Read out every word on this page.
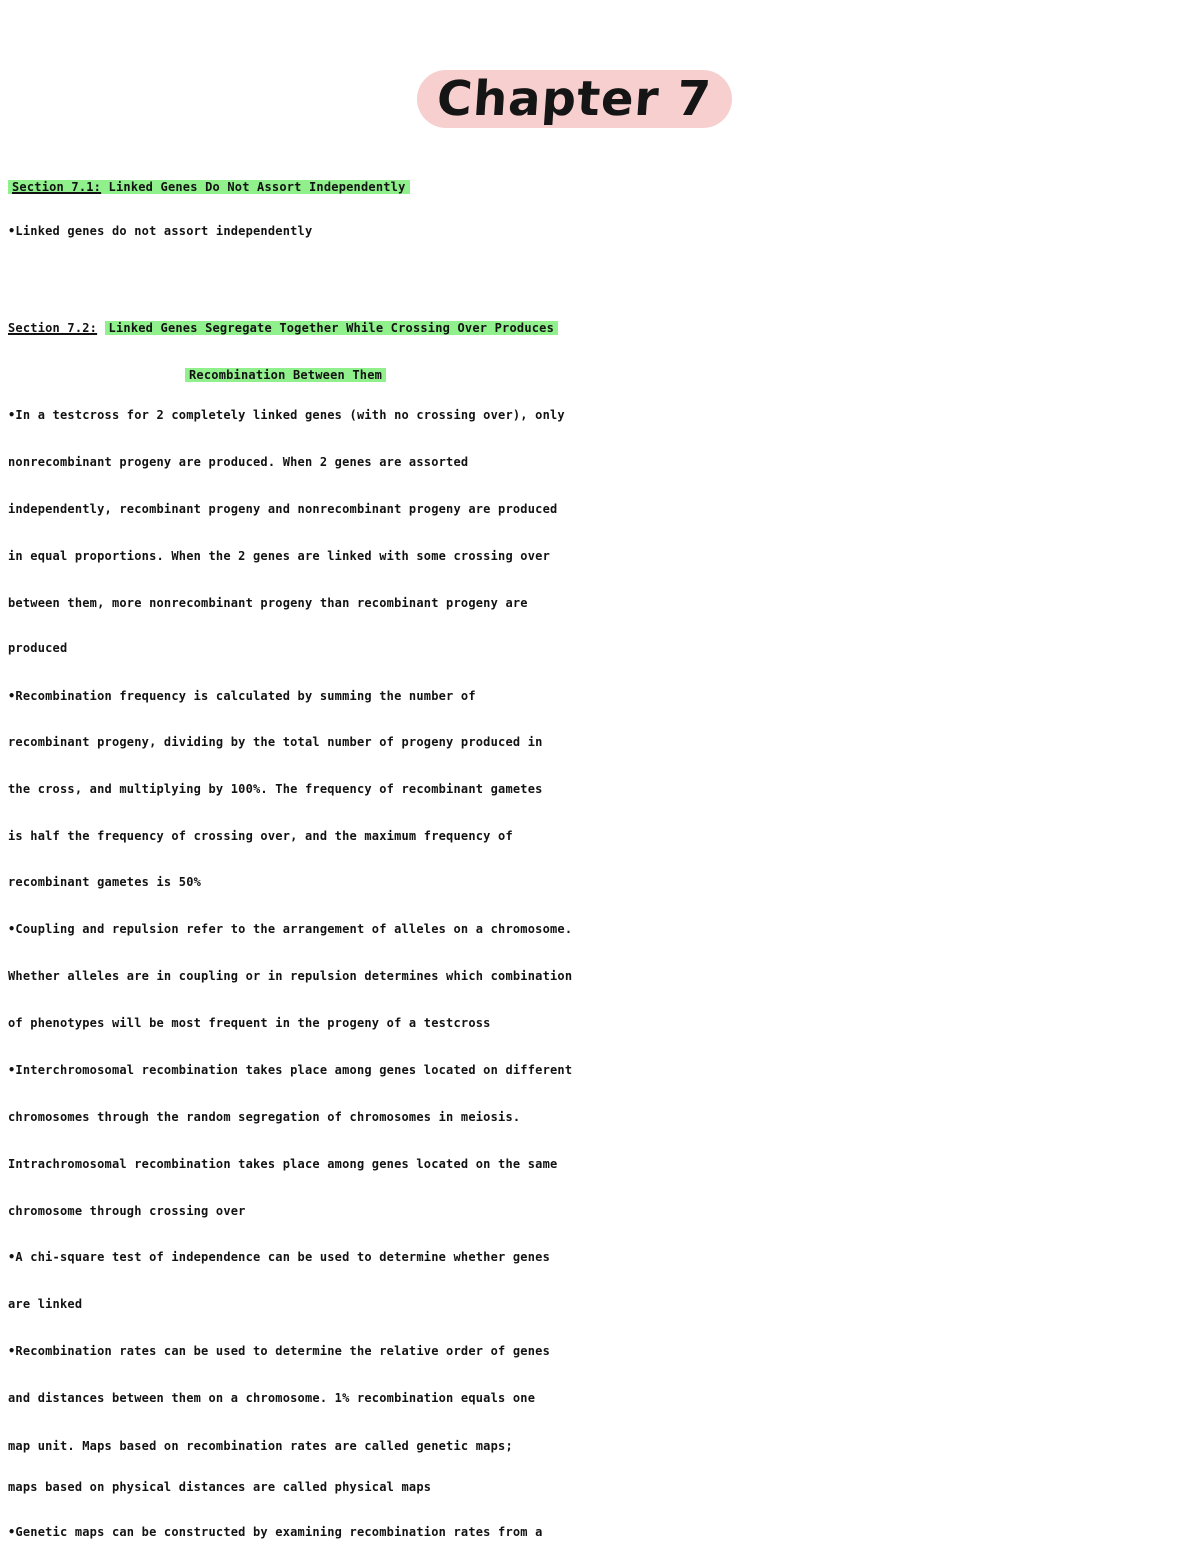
Chapter 7
Section 7.1: Linked Genes Do Not Assort Independently
•Linked genes do not assort independently
Section 7.2: Linked Genes Segregate Together While Crossing Over Produces
Recombination Between Them
•In a testcross for 2 completely linked genes (with no crossing over), only
nonrecombinant progeny are produced. When 2 genes are assorted
independently, recombinant progeny and nonrecombinant progeny are produced
in equal proportions. When the 2 genes are linked with some crossing over
between them, more nonrecombinant progeny than recombinant progeny are
produced
•Recombination frequency is calculated by summing the number of
recombinant progeny, dividing by the total number of progeny produced in
the cross, and multiplying by 100%. The frequency of recombinant gametes
is half the frequency of crossing over, and the maximum frequency of
recombinant gametes is 50%
•Coupling and repulsion refer to the arrangement of alleles on a chromosome.
Whether alleles are in coupling or in repulsion determines which combination
of phenotypes will be most frequent in the progeny of a testcross
•Interchromosomal recombination takes place among genes located on different
chromosomes through the random segregation of chromosomes in meiosis.
Intrachromosomal recombination takes place among genes located on the same
chromosome through crossing over
•A chi-square test of independence can be used to determine whether genes
are linked
•Recombination rates can be used to determine the relative order of genes
and distances between them on a chromosome. 1% recombination equals one
map unit. Maps based on recombination rates are called genetic maps;
maps based on physical distances are called physical maps
•Genetic maps can be constructed by examining recombination rates from a
